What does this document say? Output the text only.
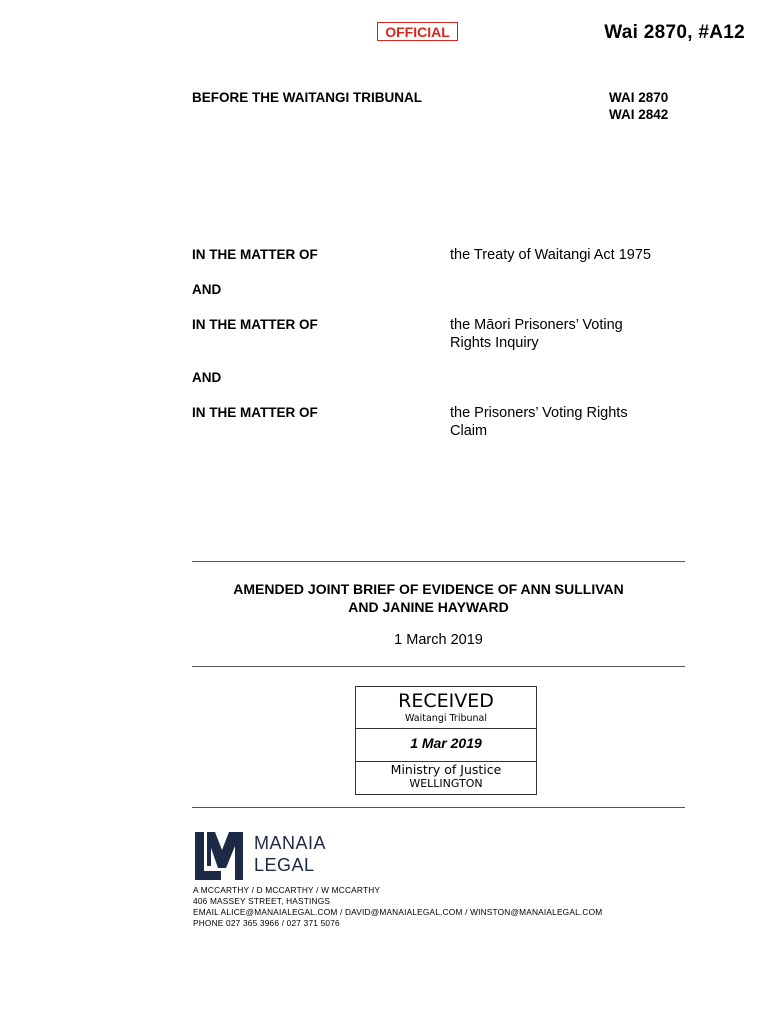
OFFICIAL	Wai 2870, #A12
BEFORE THE WAITANGI TRIBUNAL	WAI 2870
WAI 2842
IN THE MATTER OF	the Treaty of Waitangi Act 1975
AND
IN THE MATTER OF	the Māori Prisoners’ Voting
Rights Inquiry
AND
IN THE MATTER OF	the Prisoners’ Voting Rights
Claim
AMENDED JOINT BRIEF OF EVIDENCE OF ANN SULLIVAN
AND JANINE HAYWARD
1 March 2019
RECEIVED
Waitangi Tribunal
1 Mar 2019
Ministry of Justice
WELLINGTON
MANAIA
LEGAL
A MCCARTHY / D MCCARTHY / W MCCARTHY
406 MASSEY STREET, HASTINGS
EMAIL ALICE@MANAIALEGAL.COM / DAVID@MANAIALEGAL.COM / WINSTON@MANAIALEGAL.COM
PHONE 027 365 3966 / 027 371 5076
